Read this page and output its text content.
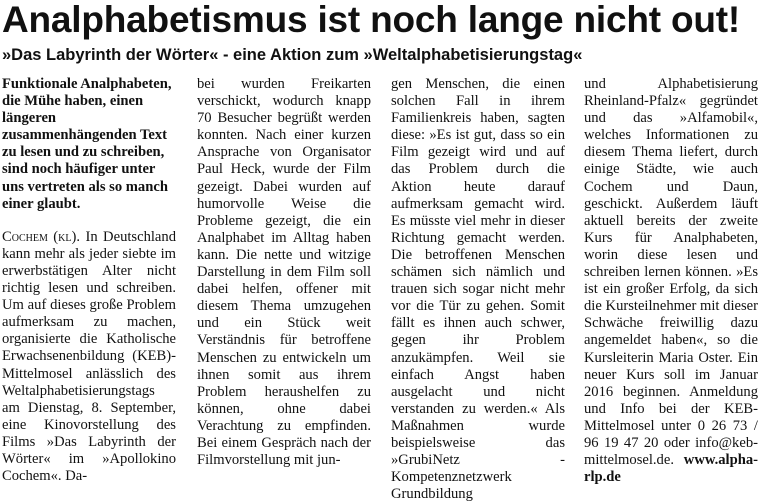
Analphabetismus ist noch lange nicht out!
»Das Labyrinth der Wörter« - eine Aktion zum »Weltalphabetisierungstag«

Funktionale Analphabeten, die Mühe haben, einen längeren zusammenhängenden Text zu lesen und zu schreiben, sind noch häufiger unter uns vertreten als so manch einer glaubt.

Cochem (kl). In Deutschland kann mehr als jeder siebte im erwerbstätigen Alter nicht richtig lesen und schreiben. Um auf dieses große Problem aufmerksam zu machen, organisierte die Katholische Erwachsenenbildung (KEB)-Mittelmosel anlässlich des Weltalphabetisierungstags am Dienstag, 8. September, eine Kinovorstellung des Films »Das Labyrinth der Wörter« im »Apollokino Cochem«. Da-

bei wurden Freikarten verschickt, wodurch knapp 70 Besucher begrüßt werden konnten. Nach einer kurzen Ansprache von Organisator Paul Heck, wurde der Film gezeigt. Dabei wurden auf humorvolle Weise die Probleme gezeigt, die ein Analphabet im Alltag haben kann. Die nette und witzige Darstellung in dem Film soll dabei helfen, offener mit diesem Thema umzugehen und ein Stück weit Verständnis für betroffene Menschen zu entwickeln um ihnen somit aus ihrem Problem heraushelfen zu können, ohne dabei Verachtung zu empfinden. Bei einem Gespräch nach der Filmvorstellung mit jun-

gen Menschen, die einen solchen Fall in ihrem Familienkreis haben, sagten diese: »Es ist gut, dass so ein Film gezeigt wird und auf das Problem durch die Aktion heute darauf aufmerksam gemacht wird. Es müsste viel mehr in dieser Richtung gemacht werden. Die betroffenen Menschen schämen sich nämlich und trauen sich sogar nicht mehr vor die Tür zu gehen. Somit fällt es ihnen auch schwer, gegen ihr Problem anzukämpfen. Weil sie einfach Angst haben ausgelacht und nicht verstanden zu werden.« Als Maßnahmen wurde beispielsweise das »GrubiNetz - Kompetenznetzwerk Grundbildung

und Alphabetisierung Rheinland-Pfalz« gegründet und das »Alfamobil«, welches Informationen zu diesem Thema liefert, durch einige Städte, wie auch Cochem und Daun, geschickt. Außerdem läuft aktuell bereits der zweite Kurs für Analphabeten, worin diese lesen und schreiben lernen können. »Es ist ein großer Erfolg, da sich die Kursteilnehmer mit dieser Schwäche freiwillig dazu angemeldet haben«, so die Kursleiterin Maria Oster. Ein neuer Kurs soll im Januar 2016 beginnen. Anmeldung und Info bei der KEB-Mittelmosel unter 0 26 73 / 96 19 47 20 oder info@keb-mittelmosel.de. www.alpha-rlp.de
